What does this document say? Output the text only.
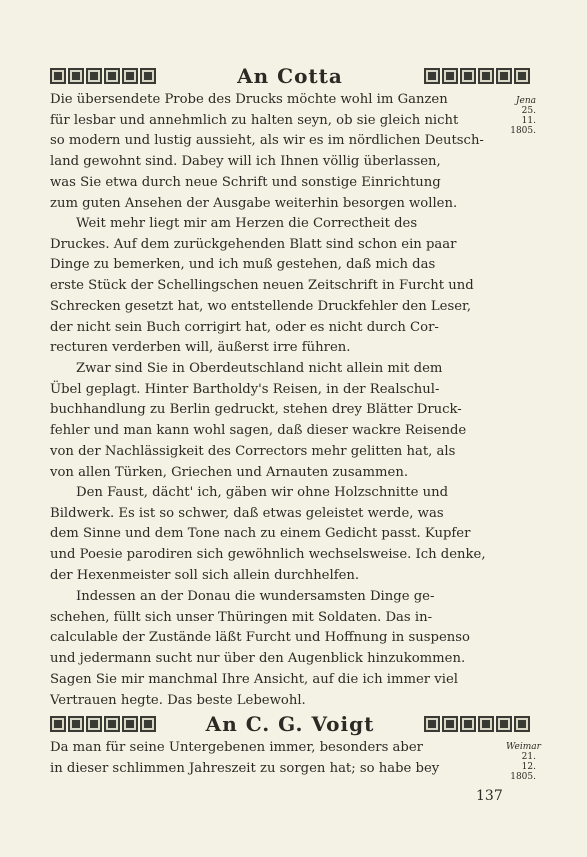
An Cotta
Jena
25. 11.
1805.

Die übersendete Probe des Drucks möchte wohl im Ganzen
für lesbar und annehmlich zu halten seyn, ob sie gleich nicht
so modern und lustig aussieht, als wir es im nördlichen Deutsch-
land gewohnt sind. Dabey will ich Ihnen völlig überlassen,
was Sie etwa durch neue Schrift und sonstige Einrichtung
zum guten Ansehen der Ausgabe weiterhin besorgen wollen.

Weit mehr liegt mir am Herzen die Correctheit des
Druckes. Auf dem zurückgehenden Blatt sind schon ein paar
Dinge zu bemerken, und ich muß gestehen, daß mich das
erste Stück der Schellingschen neuen Zeitschrift in Furcht und
Schrecken gesetzt hat, wo entstellende Druckfehler den Leser,
der nicht sein Buch corrigirt hat, oder es nicht durch Cor-
recturen verderben will, äußerst irre führen.

Zwar sind Sie in Oberdeutschland nicht allein mit dem
Übel geplagt. Hinter Bartholdy's Reisen, in der Realschul-
buchhandlung zu Berlin gedruckt, stehen drey Blätter Druck-
fehler und man kann wohl sagen, daß dieser wackre Reisende
von der Nachlässigkeit des Correctors mehr gelitten hat, als
von allen Türken, Griechen und Arnauten zusammen.

Den Faust, dächt' ich, gäben wir ohne Holzschnitte und
Bildwerk. Es ist so schwer, daß etwas geleistet werde, was
dem Sinne und dem Tone nach zu einem Gedicht passt. Kupfer
und Poesie parodiren sich gewöhnlich wechselsweise. Ich denke,
der Hexenmeister soll sich allein durchhelfen.

Indessen an der Donau die wundersamsten Dinge ge-
schehen, füllt sich unser Thüringen mit Soldaten. Das in-
calculable der Zustände läßt Furcht und Hoffnung in suspenso
und jedermann sucht nur über den Augenblick hinzukommen.
Sagen Sie mir manchmal Ihre Ansicht, auf die ich immer viel
Vertrauen hegte. Das beste Lebewohl.

An C. G. Voigt
Weimar
21. 12.
1805.

Da man für seine Untergebenen immer, besonders aber
in dieser schlimmen Jahreszeit zu sorgen hat; so habe bey

137
